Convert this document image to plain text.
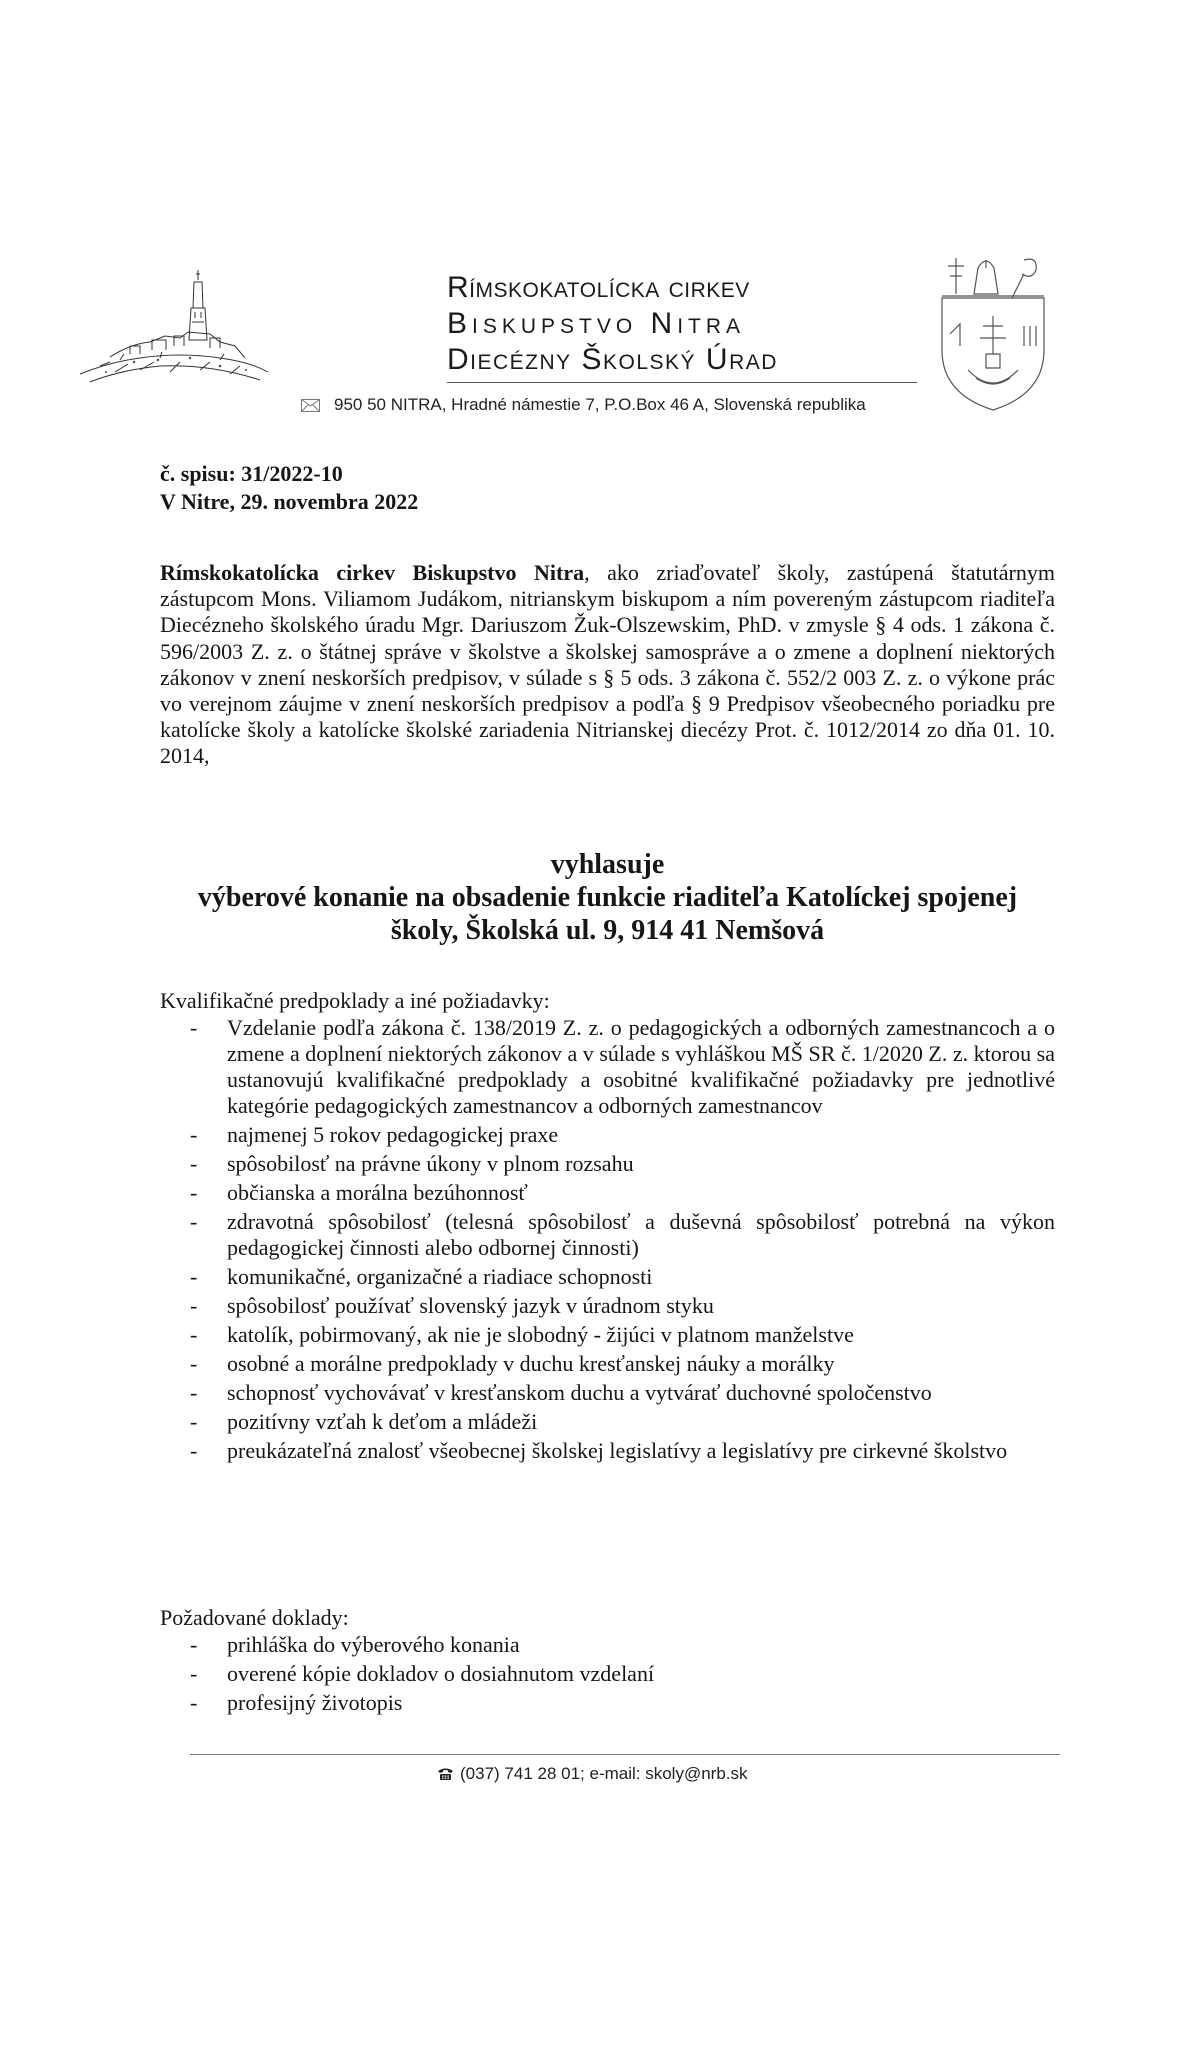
Rímskokatolícka cirkev
Biskupstvo Nitra
Diecézny Školský Úrad
950 50 NITRA, Hradné námestie 7, P.O.Box 46 A, Slovenská republika
č. spisu: 31/2022-10
V Nitre, 29. novembra 2022
Rímskokatolícka cirkev Biskupstvo Nitra, ako zriaďovateľ školy, zastúpená štatutárnym zástupcom Mons. Viliamom Judákom, nitrianskym biskupom a ním povereným zástupcom riaditeľa Diecézneho školského úradu Mgr. Dariuszom Žuk-Olszewskim, PhD. v zmysle § 4 ods. 1 zákona č. 596/2003 Z. z. o štátnej správe v školstve a školskej samospráve a o zmene a doplnení niektorých zákonov v znení neskorších predpisov, v súlade s § 5 ods. 3 zákona č. 552/2 003 Z. z. o výkone prác vo verejnom záujme v znení neskorších predpisov a podľa § 9 Predpisov všeobecného poriadku pre katolícke školy a katolícke školské zariadenia Nitrianskej diecézy Prot. č. 1012/2014 zo dňa 01. 10. 2014,
vyhlasuje
výberové konanie na obsadenie funkcie riaditeľa Katolíckej spojenej
školy, Školská ul. 9, 914 41 Nemšová
Kvalifikačné predpoklady a iné požiadavky:
- Vzdelanie podľa zákona č. 138/2019 Z. z. o pedagogických a odborných zamestnancoch a o zmene a doplnení niektorých zákonov a v súlade s vyhláškou MŠ SR č. 1/2020 Z. z. ktorou sa ustanovujú kvalifikačné predpoklady a osobitné kvalifikačné požiadavky pre jednotlivé kategórie pedagogických zamestnancov a odborných zamestnancov
- najmenej 5 rokov pedagogickej praxe
- spôsobilosť na právne úkony v plnom rozsahu
- občianska a morálna bezúhonnosť
- zdravotná spôsobilosť (telesná spôsobilosť a duševná spôsobilosť potrebná na výkon pedagogickej činnosti alebo odbornej činnosti)
- komunikačné, organizačné a riadiace schopnosti
- spôsobilosť používať slovenský jazyk v úradnom styku
- katolík, pobirmovaný, ak nie je slobodný - žijúci v platnom manželstve
- osobné a morálne predpoklady v duchu kresťanskej náuky a morálky
- schopnosť vychovávať v kresťanskom duchu a vytvárať duchovné spoločenstvo
- pozitívny vzťah k deťom a mládeži
- preukázateľná znalosť všeobecnej školskej legislatívy a legislatívy pre cirkevné školstvo
Požadované doklady:
- prihláška do výberového konania
- overené kópie dokladov o dosiahnutom vzdelaní
- profesijný životopis
(037) 741 28 01; e-mail: skoly@nrb.sk
